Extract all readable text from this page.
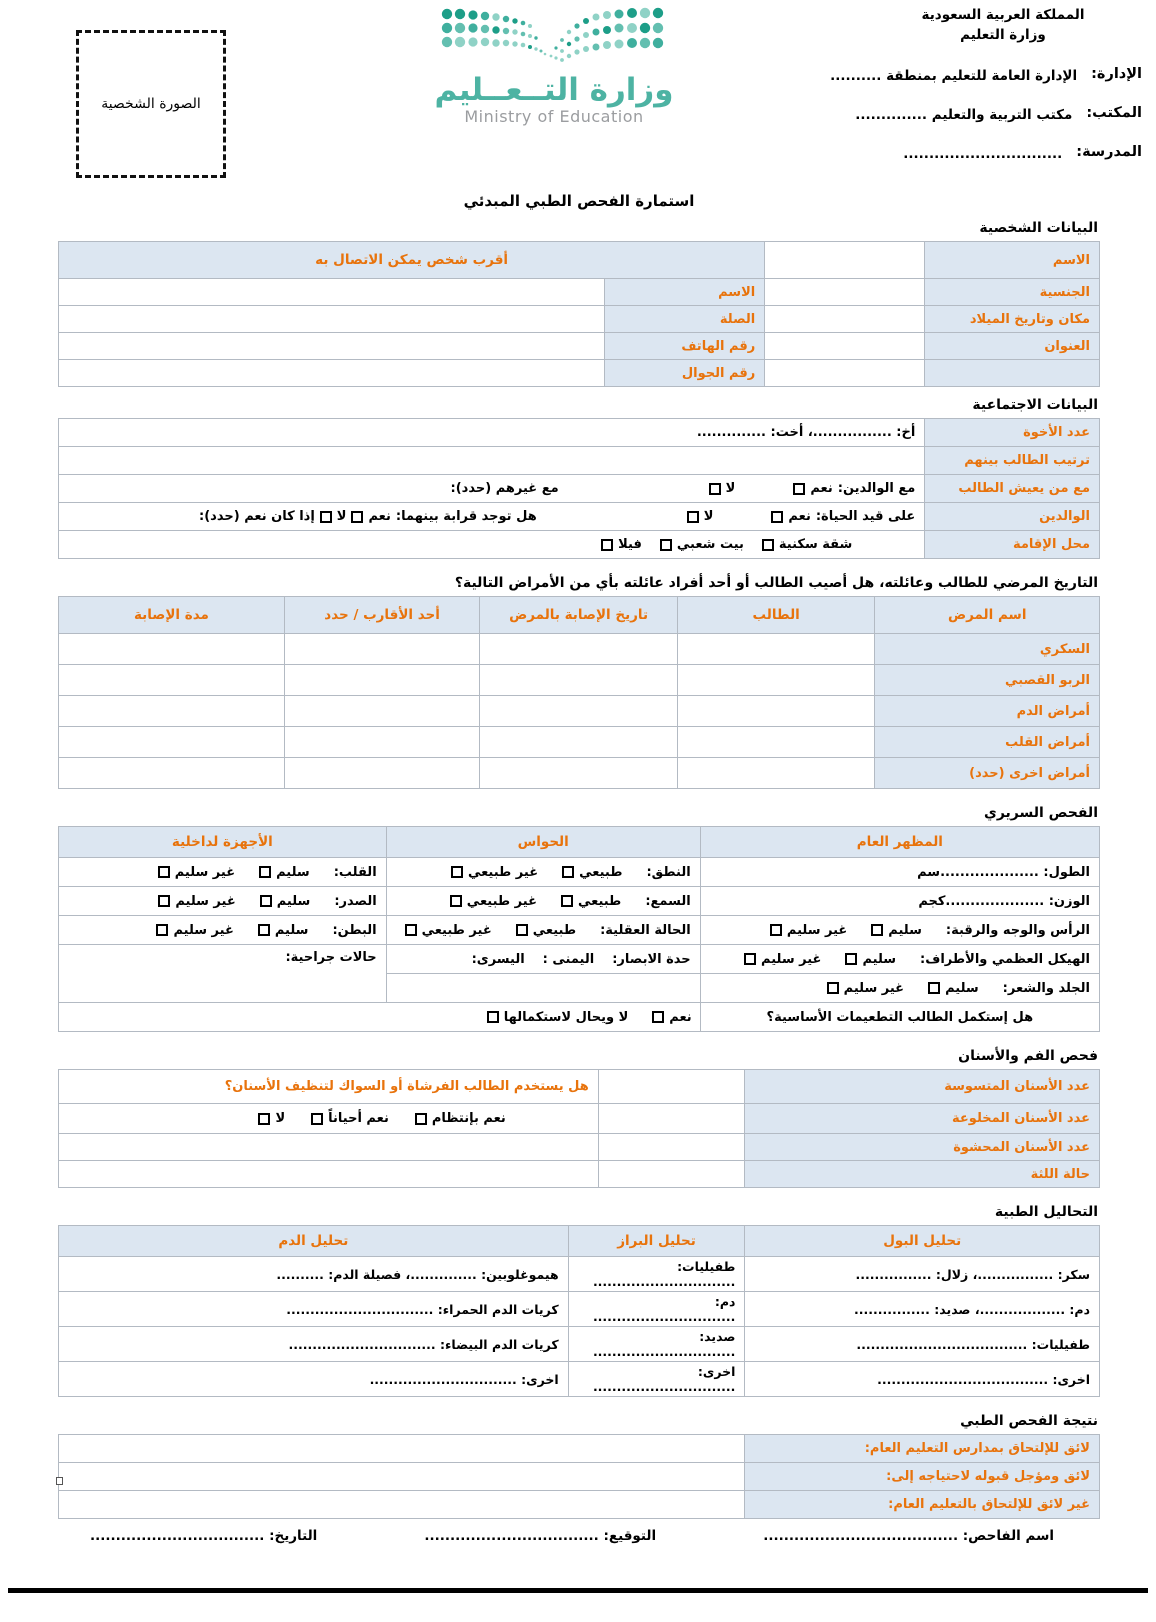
الصورة الشخصية	وزارة التــعــليم
Ministry of Education
المملكة العربية السعودية
وزارة التعليم
الإدارة:
الإدارة العامة للتعليم بمنطقة ..........
المكتب:
مكتب التربية والتعليم ..............
المدرسة:
...............................
استمارة الفحص الطبي المبدئي
البيانات الشخصية
الاسم
أقرب شخص يمكن الاتصال به
الجنسية
الاسم
مكان وتاريخ الميلاد
الصلة
العنوان
رقم الهاتف
رقم الجوال
البيانات الاجتماعية
عدد الأخوة
أخ: ................، أخت: ..............
ترتيب الطالب بينهم
مع من يعيش الطالب
مع الوالدين:
نعم
لا
مع غيرهم (حدد):
الوالدين
على قيد الحياة:
نعم
لا
هل توجد قرابة بينهما:
نعم
لا
إذا كان نعم (حدد):
محل الإقامة
شقة سكنية
بيت شعبي
فيلا
التاريخ المرضي للطالب وعائلته، هل أصيب الطالب أو أحد أفراد عائلته بأي من الأمراض التالية؟
اسم المرض
الطالب
تاريخ الإصابة بالمرض
أحد الأقارب / حدد
مدة الإصابة
السكري
الربو القصبي
أمراض الدم
أمراض القلب
أمراض اخرى (حدد)
الفحص السريري
المظهر العام
الحواس
الأجهزة لداخلية
الطول: ....................سم
النطق:
طبيعي
غير طبيعي
القلب:
سليم
غير سليم
الوزن: ....................كجم
السمع:
طبيعي
غير طبيعي
الصدر:
سليم
غير سليم
الرأس والوجه والرقبة:
سليم
غير سليم
الحالة العقلية:
طبيعي
غير طبيعي
البطن:
سليم
غير سليم
الهيكل العظمي والأطراف:
سليم
غير سليم
حدة الابصار:
اليمنى :
اليسرى:
حالات جراحية:
الجلد والشعر:
سليم
غير سليم
هل إستكمل الطالب التطعيمات الأساسية؟
نعم
لا ويحال لاستكمالها
فحص الفم والأسنان
عدد الأسنان المتسوسة
هل يستخدم الطالب الفرشاة أو السواك لتنظيف الأسنان؟
عدد الأسنان المخلوعة
نعم بإنتظام
نعم أحياناً
لا
عدد الأسنان المحشوة
حالة اللثة
التحاليل الطبية
تحليل البول
تحليل البراز
تحليل الدم
سكر: ................، زلال: ................
طفيليات: ..............................
هيموغلوبين: ..............، فصيلة الدم: ..........
دم: ..................، صديد: ................
دم: ..............................
كريات الدم الحمراء: ...............................
طفيليات: ....................................
صديد: ..............................
كريات الدم البيضاء: ...............................
اخرى: ....................................
اخرى: ..............................
اخرى: ...............................
نتيجة الفحص الطبي
لائق للإلتحاق بمدارس التعليم العام:
لائق ومؤجل قبوله لاحتياجه إلى:
غير لائق للإلتحاق بالتعليم العام:
اسم الفاحص: ......................................
التوقيع: ..................................
التاريخ: ..................................
